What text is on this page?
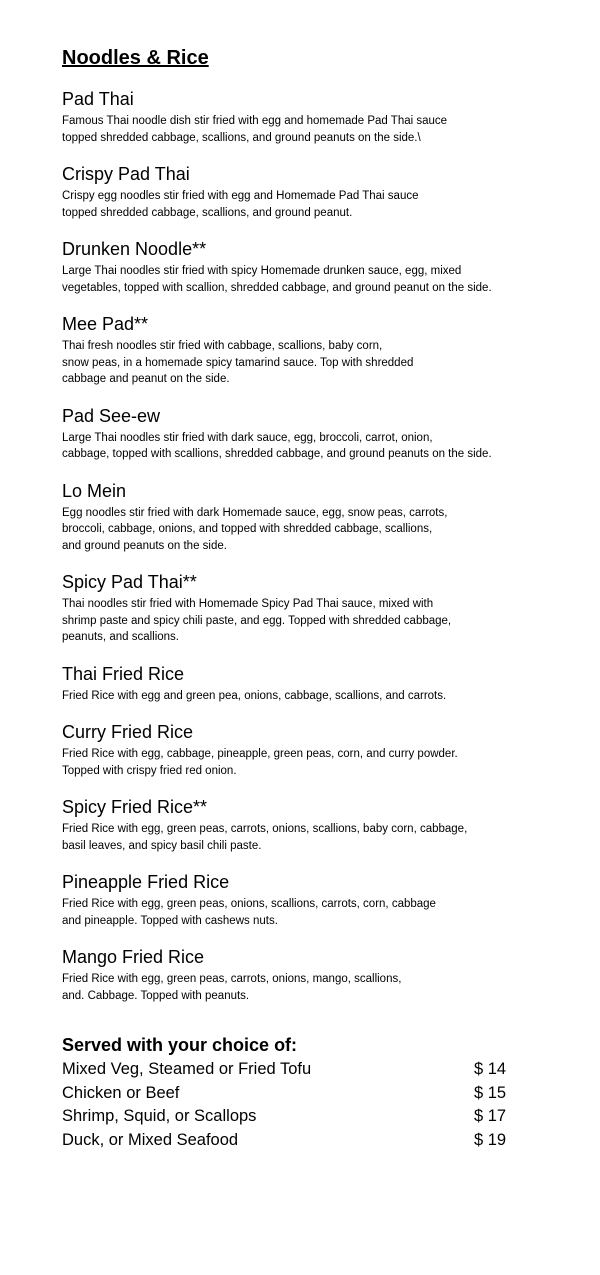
Noodles & Rice
Pad Thai

Famous Thai noodle dish stir fried with egg and homemade Pad Thai sauce
topped shredded cabbage, scallions, and ground peanuts on the side.\

Crispy Pad Thai

Crispy egg noodles stir fried with egg and Homemade Pad Thai sauce
topped shredded cabbage, scallions, and ground peanut.

Drunken Noodle**

Large Thai noodles stir fried with spicy Homemade drunken sauce, egg, mixed
vegetables, topped with scallion, shredded cabbage, and ground peanut on the side.

Mee Pad**

Thai fresh noodles stir fried with cabbage, scallions, baby corn,
snow peas, in a homemade spicy tamarind sauce. Top with shredded
cabbage and peanut on the side.

Pad See-ew

Large Thai noodles stir fried with dark sauce, egg, broccoli, carrot, onion,
cabbage, topped with scallions, shredded cabbage, and ground peanuts on the side.

Lo Mein

Egg noodles stir fried with dark Homemade sauce, egg, snow peas, carrots,
broccoli, cabbage, onions, and topped with shredded cabbage, scallions,
and ground peanuts on the side.

Spicy Pad Thai**

Thai noodles stir fried with Homemade Spicy Pad Thai sauce, mixed with
shrimp paste and spicy chili paste, and egg. Topped with shredded cabbage,
peanuts, and scallions.

Thai Fried Rice

Fried Rice with egg and green pea, onions, cabbage, scallions, and carrots.

Curry Fried Rice

Fried Rice with egg, cabbage, pineapple, green peas, corn, and curry powder.
Topped with crispy fried red onion.

Spicy Fried Rice**

Fried Rice with egg, green peas, carrots, onions, scallions, baby corn, cabbage,
basil leaves, and spicy basil chili paste.

Pineapple Fried Rice

Fried Rice with egg, green peas, onions, scallions, carrots, corn, cabbage
and pineapple. Topped with cashews nuts.

Mango Fried Rice

Fried Rice with egg, green peas, carrots, onions, mango, scallions,
and. Cabbage. Topped with peanuts.

Served with your choice of:
Mixed Veg, Steamed or Fried Tofu	$ 14
Chicken or Beef	$ 15
Shrimp, Squid, or Scallops	$ 17
Duck, or Mixed Seafood	$ 19
